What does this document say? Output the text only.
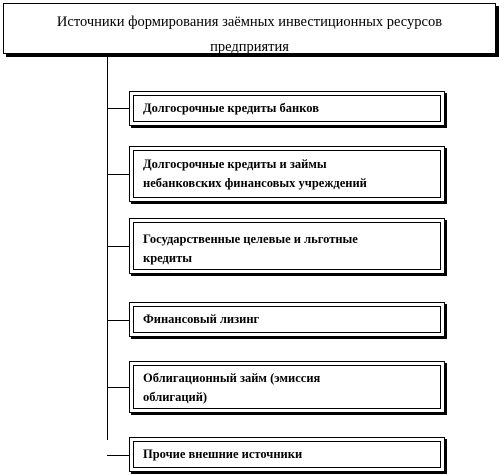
Источники формирования заёмных инвестиционных ресурсов
предприятия
Долгосрочные кредиты банков
Долгосрочные кредиты и займы
небанковских финансовых учреждений
Государственные целевые и льготные
кредиты
Финансовый лизинг
Облигационный займ (эмиссия
облигаций)
Прочие внешние источники
